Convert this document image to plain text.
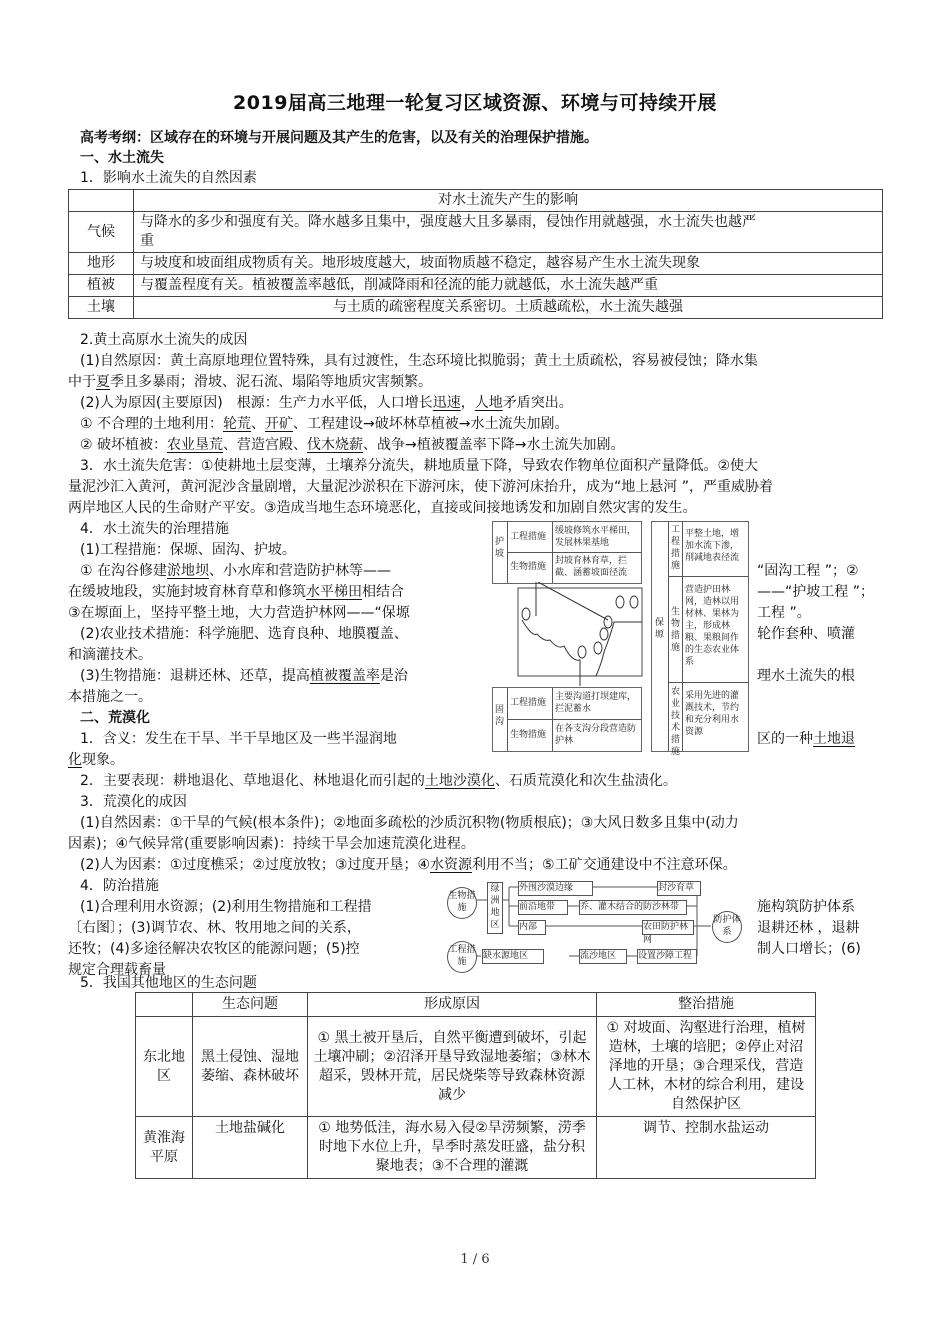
2019届高三地理一轮复习区域资源、环境与可持续开展
高考考纲：区域存在的环境与开展问题及其产生的危害，以及有关的治理保护措施。
一、水土流失
1．影响水土流失的自然因素
	对水土流失产生的影响
气候	与降水的多少和强度有关。降水越多且集中，强度越大且多暴雨，侵蚀作用就越强，水土流失也越严
重
地形	与坡度和坡面组成物质有关。地形坡度越大，坡面物质越不稳定，越容易产生水土流失现象
植被	与覆盖程度有关。植被覆盖率越低，削减降雨和径流的能力就越低，水土流失越严重
土壤	与土质的疏密程度关系密切。土质越疏松，水土流失越强
2.黄土高原水土流失的成因
(1)自然原因：黄土高原地理位置特殊，具有过渡性，生态环境比拟脆弱；黄土土质疏松，容易被侵蚀；降水集
中于夏季且多暴雨；滑坡、泥石流、塌陷等地质灾害频繁。
(2)人为原因(主要原因)　根源：生产力水平低，人口增长迅速，人地矛盾突出。
① 不合理的土地利用：轮荒、开矿、工程建设→破坏林草植被→水土流失加剧。
② 破坏植被：农业垦荒、营造宫殿、伐木烧薪、战争→植被覆盖率下降→水土流失加剧。
3．水土流失危害：①使耕地土层变薄，土壤养分流失，耕地质量下降，导致农作物单位面积产量降低。②使大
量泥沙汇入黄河，黄河泥沙含量剧增，大量泥沙淤积在下游河床，使下游河床抬升，成为“地上悬河 ”，严重威胁着
两岸地区人民的生命财产平安。③造成当地生态环境恶化，直接或间接地诱发和加剧自然灾害的发生。
4．水土流失的治理措施
(1)工程措施：保塬、固沟、护坡。
① 在沟谷修建淤地坝、小水库和营造防护林等——	“固沟工程 ”；②
在缓坡地段，实施封坡育林育草和修筑水平梯田相结合	——“护坡工程 ”；
③在塬面上，坚持平整土地，大力营造护林网——“保塬	工程 ”。
(2)农业技术措施：科学施肥、选育良种、地膜覆盖、	轮作套种、喷灌
和滴灌技术。
(3)生物措施：退耕还林、还草，提高植被覆盖率是治	理水土流失的根
本措施之一。
护坡
工程措施
缓坡修筑水平梯田，发展林果基地
生物措施
封坡育林育草，拦截、涵蓄坡面径流
固沟
工程措施
主要沟道打坝建库，拦泥蓄水
生物措施
在各支沟分段营造防护林
保塬
工程措施
平整土地，增加水流下渗，削减地表径流
生物措施
营造护田林网，造林以用材林、果林为主，形成林粮、果粮间作的生态农业体系
农业技术措施
采用先进的灌溉技术，节约和充分利用水资源
二、荒漠化
1．含义：发生在干旱、半干旱地区及一些半湿润地	区的一种土地退
化现象。
2．主要表现：耕地退化、草地退化、林地退化而引起的土地沙漠化、石质荒漠化和次生盐渍化。
3．荒漠化的成因
(1)自然因素：①干旱的气候(根本条件)；②地面多疏松的沙质沉积物(物质根底)；③大风日数多且集中(动力
因素)；④气候异常(重要影响因素)：持续干旱会加速荒漠化进程。
(2)人为因素：①过度樵采；②过度放牧；③过度开垦；④水资源利用不当；⑤工矿交通建设中不注意环保。
4．防治措施
(1)合理利用水资源；(2)利用生物措施和工程措	施构筑防护体系
〔右图〕；(3)调节农、林、牧用地之间的关系，	退耕还林 ，退耕
还牧；(4)多途径解决农牧区的能源问题；(5)控	制人口增长；(6)
规定合理载畜量
5．我国其他地区的生态问题
生物措施
工程措施
绿洲地区
外围沙漠边缘
前沿地带
内部
封沙育草
乔、灌木结合的防沙林带
农田防护林网
缺水源地区	流沙地区	设置沙障工程
防护体系
	生态问题	形成原因	整治措施
东北地区	黑土侵蚀、湿地萎缩、森林破坏	① 黑土被开垦后，自然平衡遭到破坏，引起土壤冲刷；②沼泽开垦导致湿地萎缩；③林木超采，毁林开荒，居民烧柴等导致森林资源减少	① 对坡面、沟壑进行治理，植树造林，土壤的培肥；②停止对沼泽地的开垦；③合理采伐，营造人工林，木材的综合利用，建设自然保护区
黄淮海平原	土地盐碱化	① 地势低洼，海水易入侵②旱涝频繁，涝季时地下水位上升，旱季时蒸发旺盛，盐分积聚地表；③不合理的灌溉	调节、控制水盐运动
1 / 6
